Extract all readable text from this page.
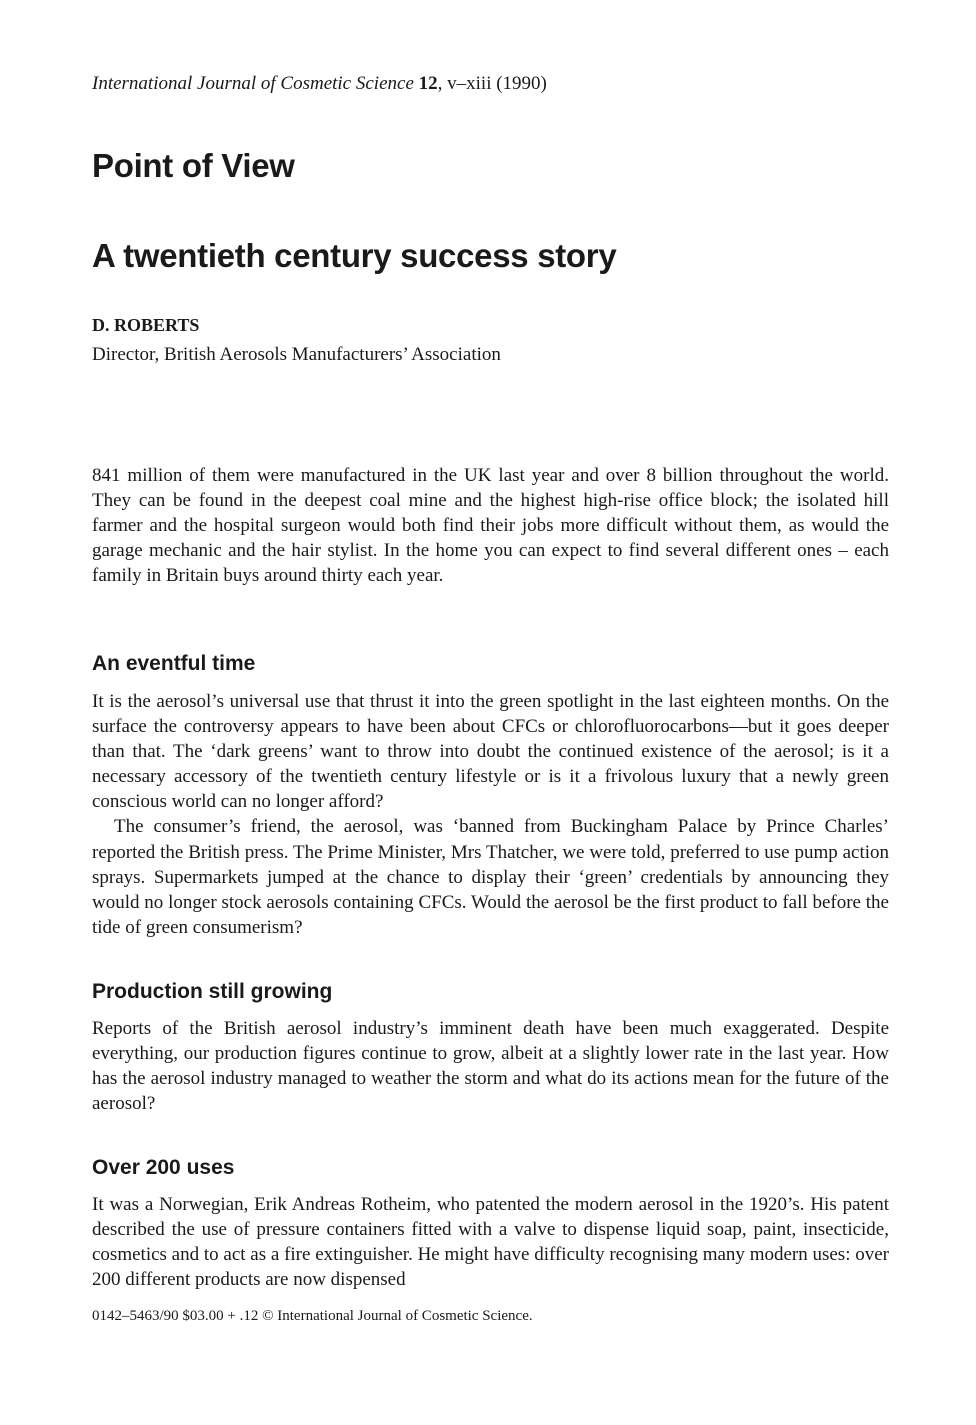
International Journal of Cosmetic Science 12, v–xiii (1990)
Point of View
A twentieth century success story
D. ROBERTS
Director, British Aerosols Manufacturers’ Association

841 million of them were manufactured in the UK last year and over 8 billion throughout the world. They can be found in the deepest coal mine and the highest high-rise office block; the isolated hill farmer and the hospital surgeon would both find their jobs more difficult without them, as would the garage mechanic and the hair stylist. In the home you can expect to find several different ones – each family in Britain buys around thirty each year.

An eventful time

It is the aerosol’s universal use that thrust it into the green spotlight in the last eighteen months. On the surface the controversy appears to have been about CFCs or chlorofluorocarbons—but it goes deeper than that. The ‘dark greens’ want to throw into doubt the continued existence of the aerosol; is it a necessary accessory of the twentieth century lifestyle or is it a frivolous luxury that a newly green conscious world can no longer afford?

The consumer’s friend, the aerosol, was ‘banned from Buckingham Palace by Prince Charles’ reported the British press. The Prime Minister, Mrs Thatcher, we were told, preferred to use pump action sprays. Supermarkets jumped at the chance to display their ‘green’ credentials by announcing they would no longer stock aerosols containing CFCs. Would the aerosol be the first product to fall before the tide of green consumerism?

Production still growing

Reports of the British aerosol industry’s imminent death have been much exaggerated. Despite everything, our production figures continue to grow, albeit at a slightly lower rate in the last year. How has the aerosol industry managed to weather the storm and what do its actions mean for the future of the aerosol?

Over 200 uses

It was a Norwegian, Erik Andreas Rotheim, who patented the modern aerosol in the 1920’s. His patent described the use of pressure containers fitted with a valve to dispense liquid soap, paint, insecticide, cosmetics and to act as a fire extinguisher. He might have difficulty recognising many modern uses: over 200 different products are now dispensed

0142–5463/90 $03.00 + .12 © International Journal of Cosmetic Science.
